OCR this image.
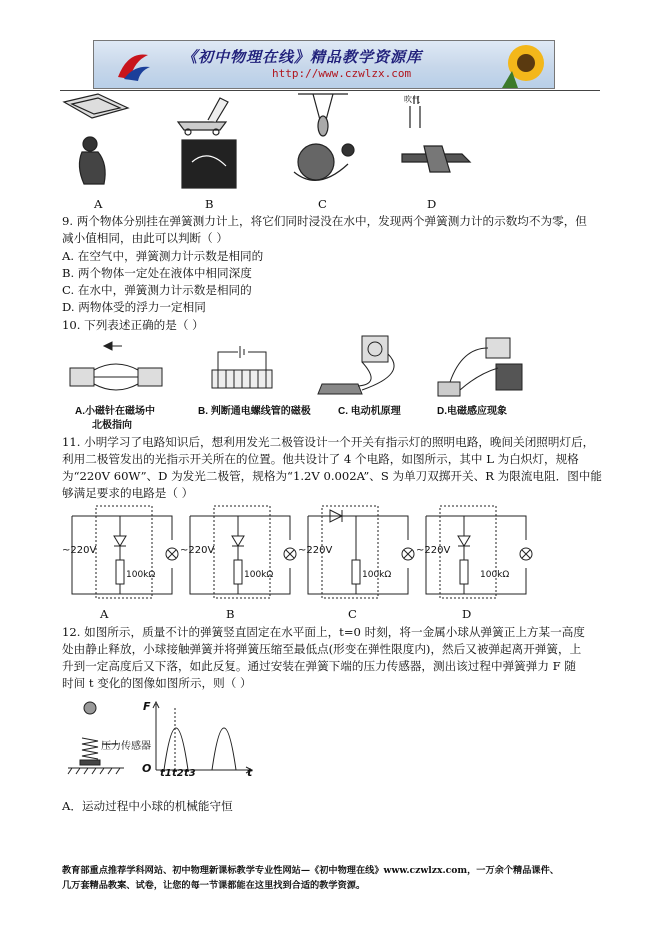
《初中物理在线》精品教学资源库
http://www.czwlzx.com
A	B	C	D
吹气
9. 两个物体分别挂在弹簧测力计上，将它们同时浸没在水中，发现两个弹簧测力计的示数均不为零，但
减小值相同，由此可以判断（ ）
A. 在空气中，弹簧测力计示数是相同的
B. 两个物体一定处在液体中相同深度
C. 在水中，弹簧测力计示数是相同的
D. 两物体受的浮力一定相同
10. 下列表述正确的是（ ）
A.小磁针在磁场中
北极指向
B. 判断通电螺线管的磁极	C. 电动机原理	D.电磁感应现象
11. 小明学习了电路知识后，想利用发光二极管设计一个开关有指示灯的照明电路，晚间关闭照明灯后，
利用二极管发出的光指示开关所在的位置。他共设计了 4 个电路，如图所示，其中 L 为白炽灯，规格
为“220V 60W”、D 为发光二极管，规格为“1.2V 0.002A”、S 为单刀双掷开关、R 为限流电阻．图中能
够满足要求的电路是（ ）
~220V	~220V	~220V	~220V
100kΩ	100kΩ	100kΩ	100kΩ
A	B	C	D
12. 如图所示，质量不计的弹簧竖直固定在水平面上，t=0 时刻，将一金属小球从弹簧正上方某一高度
处由静止释放，小球接触弹簧并将弹簧压缩至最低点(形变在弹性限度内)，然后又被弹起离开弹簧，上
升到一定高度后又下落，如此反复。通过安装在弹簧下端的压力传感器，测出该过程中弹簧弹力 F 随
时间 t 变化的图像如图所示，则（ ）
压力传感器
F
t
O t1 t2 t3
A．运动过程中小球的机械能守恒
教育部重点推荐学科网站、初中物理新课标教学专业性网站—《初中物理在线》www.czwlzx.com，一万余个精品课件、
几万套精品教案、试卷，让您的每一节课都能在这里找到合适的教学资源。
